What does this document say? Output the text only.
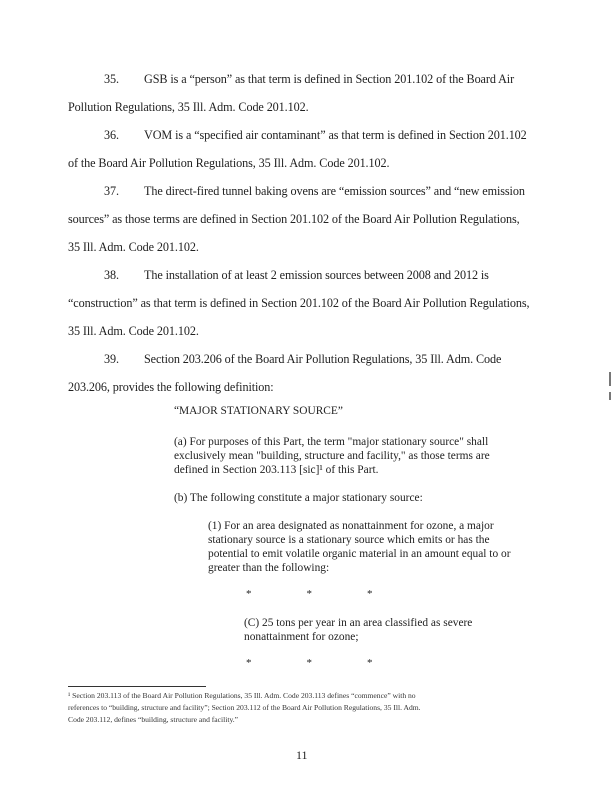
35. GSB is a “person” as that term is defined in Section 201.102 of the Board Air
Pollution Regulations, 35 Ill. Adm. Code 201.102.
36. VOM is a “specified air contaminant” as that term is defined in Section 201.102
of the Board Air Pollution Regulations, 35 Ill. Adm. Code 201.102.
37. The direct-fired tunnel baking ovens are “emission sources” and “new emission
sources” as those terms are defined in Section 201.102 of the Board Air Pollution Regulations,
35 Ill. Adm. Code 201.102.
38. The installation of at least 2 emission sources between 2008 and 2012 is
“construction” as that term is defined in Section 201.102 of the Board Air Pollution Regulations,
35 Ill. Adm. Code 201.102.
39. Section 203.206 of the Board Air Pollution Regulations, 35 Ill. Adm. Code
203.206, provides the following definition:
“MAJOR STATIONARY SOURCE”
(a) For purposes of this Part, the term "major stationary source" shall
exclusively mean "building, structure and facility," as those terms are
defined in Section 203.113 [sic]¹ of this Part.
(b) The following constitute a major stationary source:
(1) For an area designated as nonattainment for ozone, a major
stationary source is a stationary source which emits or has the
potential to emit volatile organic material in an amount equal to or
greater than the following:
*                    *                    *
(C) 25 tons per year in an area classified as severe
nonattainment for ozone;
*                    *                    *
¹ Section 203.113 of the Board Air Pollution Regulations, 35 Ill. Adm. Code 203.113 defines “commence” with no
references to “building, structure and facility”; Section 203.112 of the Board Air Pollution Regulations, 35 Ill. Adm.
Code 203.112, defines “building, structure and facility.”
11
